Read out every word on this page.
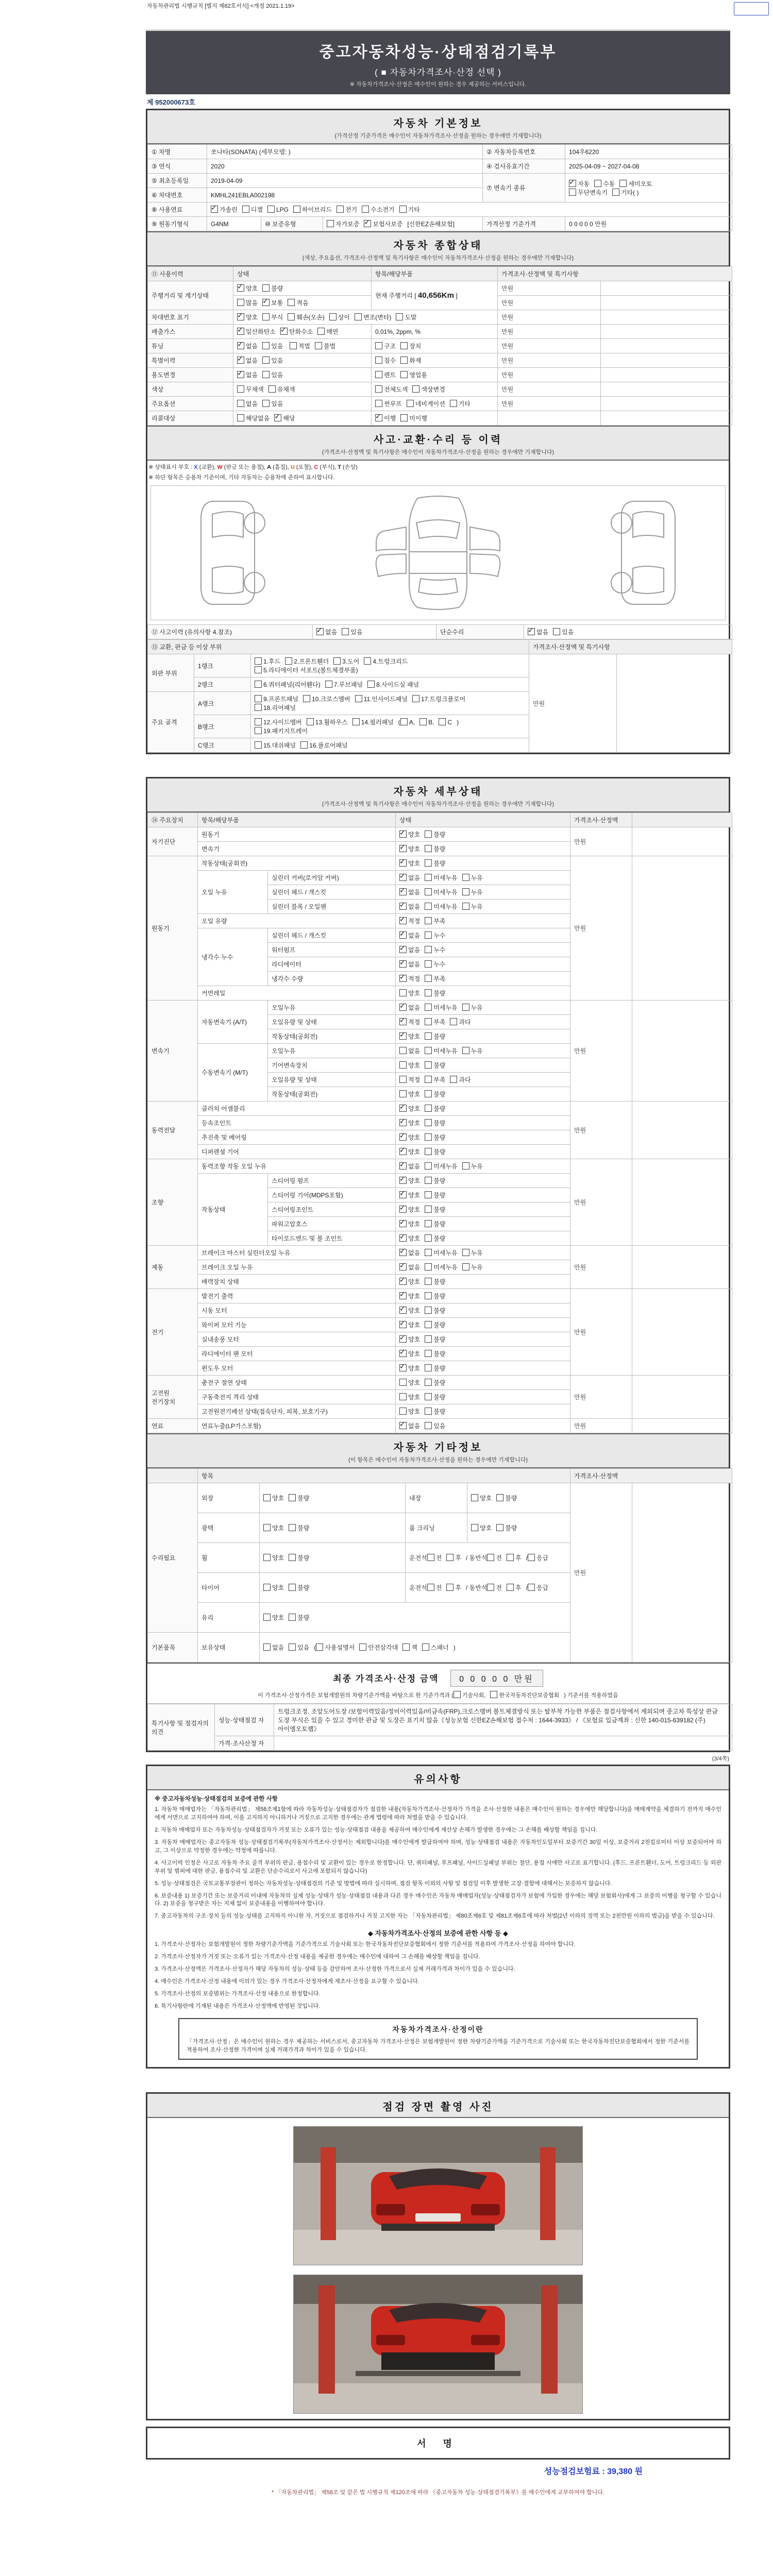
자동차관리법 시행규칙 [별지 제82호서식] <개정 2021.1.19>
중고자동차성능·상태점검기록부
( ■ 자동차가격조사·산정 선택 )
※ 자동차가격조사·산정은 매수인이 원하는 경우 제공하는 서비스입니다.
제 952000673호
자동차 기본정보
(가격산정 기준가격은 매수인이 자동차가격조사·산정을 원하는 경우에만 기재합니다)
① 차명	쏘나타(SONATA) (세부모델: )			② 자동차등록번호	104우6220
③ 연식	2020			④ 검사유효기간	2025-04-09 ~ 2027-04-08
⑤ 최초등록일	2019-04-09			⑦ 변속기 종류	✓자동 수동 세미오토
무단변속기 기타( )
⑥ 차대번호	KMHL241EBLA002198				
⑧ 사용연료	✓가솔린 디젤 LPG 하이브리드 전기 수소전기 기타
⑨ 원동기형식	G4NM	⑩ 보증유형	자가보증 ✓ 보험사보증 [신한EZ손해보험]	가격산정 기준가격	0 0 0 0 0 만원
자동차 종합상태
(색상, 주요옵션, 가격조사·산정액 및 특기사항은 매수인이 자동차가격조사·산정을 원하는 경우에만 기재합니다)
⑪ 사용이력	상태	항목/해당부품	가격조사·산정액 및 특기사항	
주행거리 및 계기상태	✓양호 불량	현재 주행거리 [ 40,656Km ]	만원	
	많음 ✓ 보통 적음		만원	
차대번호 표기	✓양호 부식 훼손(오손) 상이 변조(변타) 도말		만원	
배출가스	✓일산화탄소 ✓ 탄화수소 매연	0.01%, 2ppm, %	만원	
튜닝	✓없음 있음 적법 불법	구조 장치	만원	
특별이력	✓없음 있음	침수 화재	만원	
용도변경	✓없음 있음	렌트 영업용	만원	
색상	무채색 유채색	전체도색 색상변경	만원	
주요옵션	없음 있음	썬루프 네비게이션 기타	만원	
리콜대상	해당없음 ✓ 해당	✓이행 미이행		
사고·교환·수리 등 이력
(가격조사·산정액 및 특기사항은 매수인이 자동차가격조사·산정을 원하는 경우에만 기재합니다)
※ 상태표시 부호 : X (교환), W (판금 또는 용접), A (흠집), U (요철), C (부식), T (손상)
※ 하단 항목은 승용차 기준이며, 기타 자동차는 승용차에 준하여 표시합니다.
⑫ 사고이력 (유의사항 4.참조)	✓없음 있음	단순수리	✓없음 있음
⑬ 교환, 판금 등 이상 부위			가격조사·산정액 및 특기사항	
외판 부위	1랭크	1.후드 2.프론트휀더 3.도어 4.트렁크리드
5.라디에이터 서포트(볼트체결부품)	만원	
	2랭크	6.쿼터패널(리어휀다) 7.루브패널 8.사이드실 패널		
주요 골격	A랭크	9.프론트패널 10.크로스멤버 11.인사이드패널 17.트렁크플로어
18.리어패널		
	B랭크	12.사이드멤버 13.휠하우스 14.필러패널 ( A, B, C )
19.패키지트레이		
	C랭크	15.대쉬패널 16.플로어패널		
자동차 세부상태
(가격조사·산정액 및 특기사항은 매수인이 자동차가격조사·산정을 원하는 경우에만 기재합니다)
⑭ 주요장치	항목/해당부품		상태	가격조사·산정액	
자기진단	원동기	✓양호 불량	만원	
	변속기	✓양호 불량
원동기	작동상태(공회전)	✓양호 불량	만원	
	오일 누유	실린더 커버(로커암 커버)	✓없음 미세누유 누유
		실린더 헤드 / 개스킷	✓없음 미세누유 누유
		실린더 블록 / 오일팬	✓없음 미세누유 누유
	오일 유량	✓적정 부족
	냉각수 누수	실린더 헤드 / 개스킷	✓없음 누수
		워터펌프	✓없음 누수
		라디에이터	✓없음 누수
		냉각수 수량	✓적정 부족
	커먼레일		양호 불량		
변속기	자동변속기 (A/T)	오일누유	✓없음 미세누유 누유	만원	
		오일유량 및 상태	✓적정 부족 과다
		작동상태(공회전)	✓양호 불량
	수동변속기 (M/T)	오일누유	없음 미세누유 누유		
		기어변속장치	양호 불량		
		오일유량 및 상태	적정 부족 과다		
		작동상태(공회전)	양호 불량		
동력전달	클러치 어셈블리	✓양호 불량	만원	
	등속조인트	✓양호 불량
	추진축 및 베어링	✓양호 불량
	디퍼렌셜 기어	✓양호 불량
조향	동력조향 작동 오일 누유	✓없음 미세누유 누유	만원	
	작동상태	스티어링 펌프	✓양호 불량
		스티어링 기어(MDPS포함)	✓양호 불량
		스티어링조인트	✓양호 불량
		파워고압호스	✓양호 불량
		타이로드엔드 및 볼 조인트	✓양호 불량
제동	브레이크 마스터 실린더오일 누유	✓없음 미세누유 누유	만원	
	브레이크 오일 누유	✓없음 미세누유 누유
	배력장치 상태	✓양호 불량
전기	발전기 출력	✓양호 불량	만원	
	시동 모터	✓양호 불량
	와이퍼 모터 기능	✓양호 불량
	실내송풍 모터	✓양호 불량
	라디에이터 팬 모터	✓양호 불량
	윈도우 모터	✓양호 불량
고전원 전기장치	충전구 절연 상태		양호 불량	만원	
	구동축전지 격리 상태		양호 불량		
	고전원전기배선 상태(접속단자, 피복, 보호기구)		양호 불량		
연료	연료누출(LP가스포함)	✓없음 있음	만원	
자동차 기타정보
(이 항목은 매수인이 자동차가격조사·산정을 원하는 경우에만 기재합니다)
	항목				가격조사·산정액	
수리필요	외장	양호 불량	내장	양호 불량	만원	
	광택	양호 불량	룸 크리닝	양호 불량		
	휠	양호 불량	운전석 전 후 / 동반석 전 후 / 응급			
	타이어	양호 불량	운전석 전 후 / 동반석 전 후 / 응급			
	유리	양호 불량				
기본품목	보유상태	없음 있음 ( 사용설명서 안전삼각대 잭 스패너 )				
최종 가격조사·산정 금액 0 0 0 0 0 만원
이 가격조사·산정가격은 보험개발원의 차량기준가액을 바탕으로 한 기준가격과 ( 기술사회, 한국자동차진단보증협회 ) 기준서를 적용하였음
특기사항 및 점검자의 의견	성능·상태점검 자	트렁크조정, 조앞도어도장 /보험이력있음/정비이력있음/비금속(FRP),크로스멤버 볼트체결방식 또는 탈부착 가능한 부품은 점검사항에서 제외되며 중고차 특성상 판금 도장 부식은 있을 수 있고 경미한 판금 및 도장은 표기치 않음《성능보험 신한EZ손해보험 접수처 : 1644-3933》 / 《보험료 입금계좌 : 신한 140-015-639182 (주)아이엠오토랩》
	가격·조사산정 자	
(3/4쪽)
유의사항
※ 중고자동차성능·상태점검의 보증에 관한 사항
1. 자동차 매매업자는 「자동차관리법」 제58조제1항에 따라 자동차성능·상태점검자가 점검한 내용(자동차가격조사·산정자가 가격을 조사·산정한 내용은 매수인이 원하는 경우에만 해당합니다)을 매매계약을 체결하기 전까지 매수인에게 서면으로 고지하여야 하며, 이를 고지하지 아니하거나 거짓으로 고지한 경우에는 관계 법령에 따라 처벌을 받을 수 있습니다.
2. 자동차 매매업자 또는 자동차성능·상태점검자가 거짓 또는 오류가 있는 성능·상태점검 내용을 제공하여 매수인에게 재산상 손해가 발생한 경우에는 그 손해를 배상할 책임을 집니다.
3. 자동차 매매업자는 중고자동차 성능·상태점검기록부(자동차가격조사·산정서는 제외합니다)를 매수인에게 발급하여야 하며, 성능·상태점검 내용은 자동차인도일부터 보증기간 30일 이상, 보증거리 2천킬로미터 이상 보증되어야 하고, 그 이상으로 약정한 경우에는 약정에 따릅니다.
4. 사고이력 인정은 사고로 자동차 주요 골격 부위의 판금, 용접수리 및 교환이 있는 경우로 한정합니다. 단, 쿼터패널, 루프패널, 사이드실패널 부위는 절단, 용접 시에만 사고로 표기합니다. (후드, 프론트휀더, 도어, 트렁크리드 등 외판 부위 및 범퍼에 대한 판금, 용접수리 및 교환은 단순수리로서 사고에 포함되지 않습니다)
5. 성능·상태점검은 국토교통부장관이 정하는 자동차성능·상태점검의 기준 및 방법에 따라 실시하며, 점검 항목 이외의 사항 및 점검일 이후 발생한 고장·결함에 대해서는 보증하지 않습니다.
6. 보증내용 1) 보증기간 또는 보증거리 이내에 자동차의 실제 성능·상태가 성능·상태점검 내용과 다른 경우 매수인은 자동차 매매업자(성능·상태점검자가 보험에 가입한 경우에는 해당 보험회사)에게 그 보증의 이행을 청구할 수 있습니다. 2) 보증을 청구받은 자는 지체 없이 보증내용을 이행하여야 합니다.
7. 중고자동차의 구조·장치 등의 성능·상태를 고지하지 아니한 자, 거짓으로 점검하거나 거짓 고지한 자는 「자동차관리법」 제80조제6호 및 제81조제6호에 따라 처벌(2년 이하의 징역 또는 2천만원 이하의 벌금)을 받을 수 있습니다.
◆ 자동차가격조사·산정의 보증에 관한 사항 등 ◆
1. 가격조사·산정자는 보험개발원이 정한 차량기준가액을 기준가격으로 기술사회 또는 한국자동차진단보증협회에서 정한 기준서를 적용하여 가격조사·산정을 하여야 합니다.
2. 가격조사·산정자가 거짓 또는 오류가 있는 가격조사·산정 내용을 제공한 경우에는 매수인에 대하여 그 손해를 배상할 책임을 집니다.
3. 가격조사·산정액은 가격조사·산정자가 해당 자동차의 성능·상태 등을 감안하여 조사·산정한 가격으로서 실제 거래가격과 차이가 있을 수 있습니다.
4. 매수인은 가격조사·산정 내용에 이의가 있는 경우 가격조사·산정자에게 재조사·산정을 요구할 수 있습니다.
5. 가격조사·산정의 보증범위는 가격조사·산정 내용으로 한정합니다.
6. 특기사항란에 기재된 내용은 가격조사·산정액에 반영된 것입니다.
자동차가격조사·산정이란
「가격조사·산정」은 매수인이 원하는 경우 제공하는 서비스로서, 중고자동차 가격조사·산정은 보험개발원이 정한 차량기준가액을 기준가격으로 기술사회 또는 한국자동차진단보증협회에서 정한 기준서를 적용하여 조사·산정한 가격이며 실제 거래가격과 차이가 있을 수 있습니다.
점검 장면 촬영 사진
서 명
성능점검보험료 : 39,380 원
* 「자동차관리법」 제58조 및 같은 법 시행규칙 제120조에 따라 《중고자동차 성능·상태점검기록부》를 매수인에게 교부하여야 합니다.
